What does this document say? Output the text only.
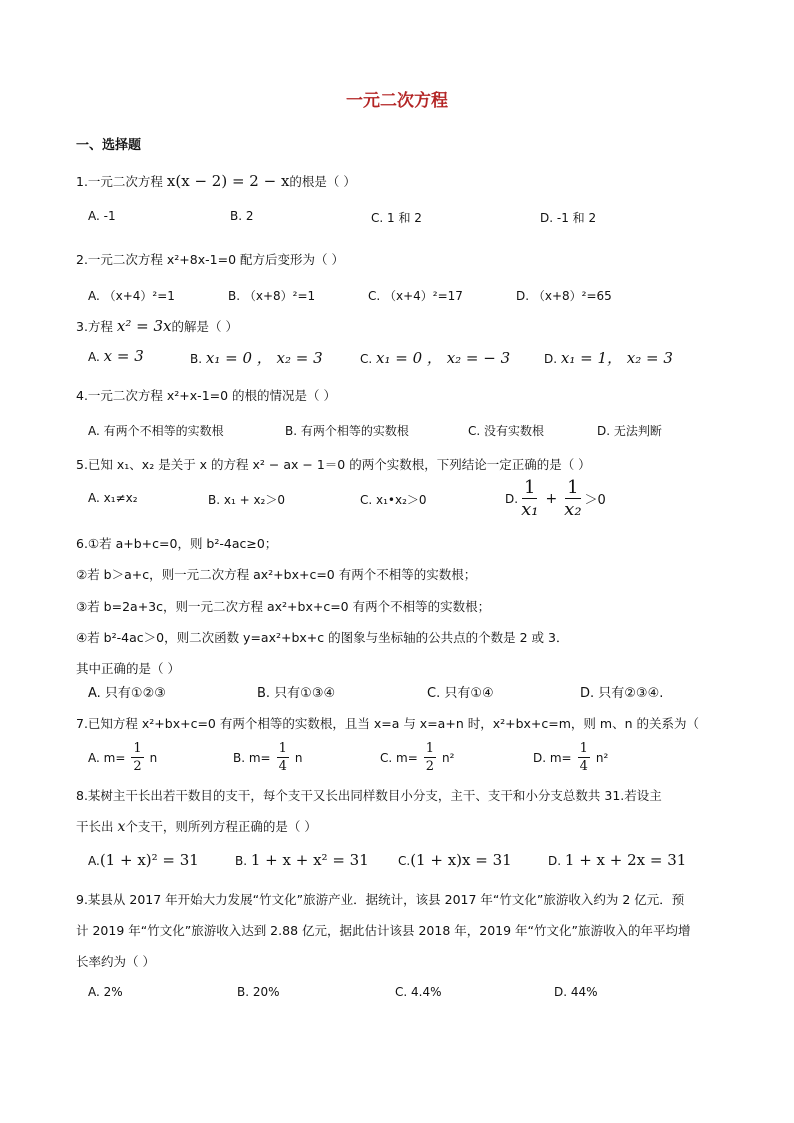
一元二次方程
一、选择题
1.一元二次方程 x(x − 2) = 2 − x的根是（ ）
A. -1	B. 2	C. 1 和 2	D. -1 和 2
2.一元二次方程 x²+8x-1=0 配方后变形为（ ）
A. （x+4）²=1	B. （x+8）²=1	C. （x+4）²=17	D. （x+8）²=65
3.方程 x² = 3x的解是（ ）
A. x = 3	B. x₁ = 0 ， x₂ = 3	C. x₁ = 0 ， x₂ = − 3	D. x₁ = 1， x₂ = 3
4.一元二次方程 x²+x-1=0 的根的情况是（ ）
A. 有两个不相等的实数根	B. 有两个相等的实数根	C. 没有实数根	D. 无法判断
5.已知 x₁、x₂ 是关于 x 的方程 x² − ax − 1＝0 的两个实数根，下列结论一定正确的是（ ）
A. x₁≠x₂	B. x₁ + x₂＞0	C. x₁•x₂＞0	D. $\frac{1}{\text{x₁}} + \frac{1}{\text{x₂}} >0$
6.①若 a+b+c=0，则 b²-4ac≥0；
②若 b＞a+c，则一元二次方程 ax²+bx+c=0 有两个不相等的实数根；
③若 b=2a+3c，则一元二次方程 ax²+bx+c=0 有两个不相等的实数根；
④若 b²-4ac＞0，则二次函数 y=ax²+bx+c 的图象与坐标轴的公共点的个数是 2 或 3．
其中正确的是（ ）
A. 只有①②③	B. 只有①③④	C. 只有①④	D. 只有②③④.
7.已知方程 x²+bx+c=0 有两个相等的实数根，且当 x=a 与 x=a+n 时，x²+bx+c=m，则 m、n 的关系为（
A. $m= \frac{1}{2}$ n	B. $m= \frac{1}{4}$ n	C. $m= \frac{1}{2} n^2$	D. $m= \frac{1}{4} n^2$
8.某树主干长出若干数目的支干，每个支干又长出同样数目小分支，主干、支干和小分支总数共 31.若设主
干长出 x个支干，则所列方程正确的是（ ）
A.(1 + x)² = 31	B. 1 + x + x² = 31 C.(1 + x)x = 31	D. 1 + x + 2x = 31
9.某县从 2017 年开始大力发展“竹文化”旅游产业．据统计，该县 2017 年“竹文化”旅游收入约为 2 亿元．预
计 2019 年“竹文化”旅游收入达到 2.88 亿元，据此估计该县 2018 年，2019 年“竹文化”旅游收入的年平均增
长率约为（ ）
A. 2%	B. 20%	C. 4.4%	D. 44%
